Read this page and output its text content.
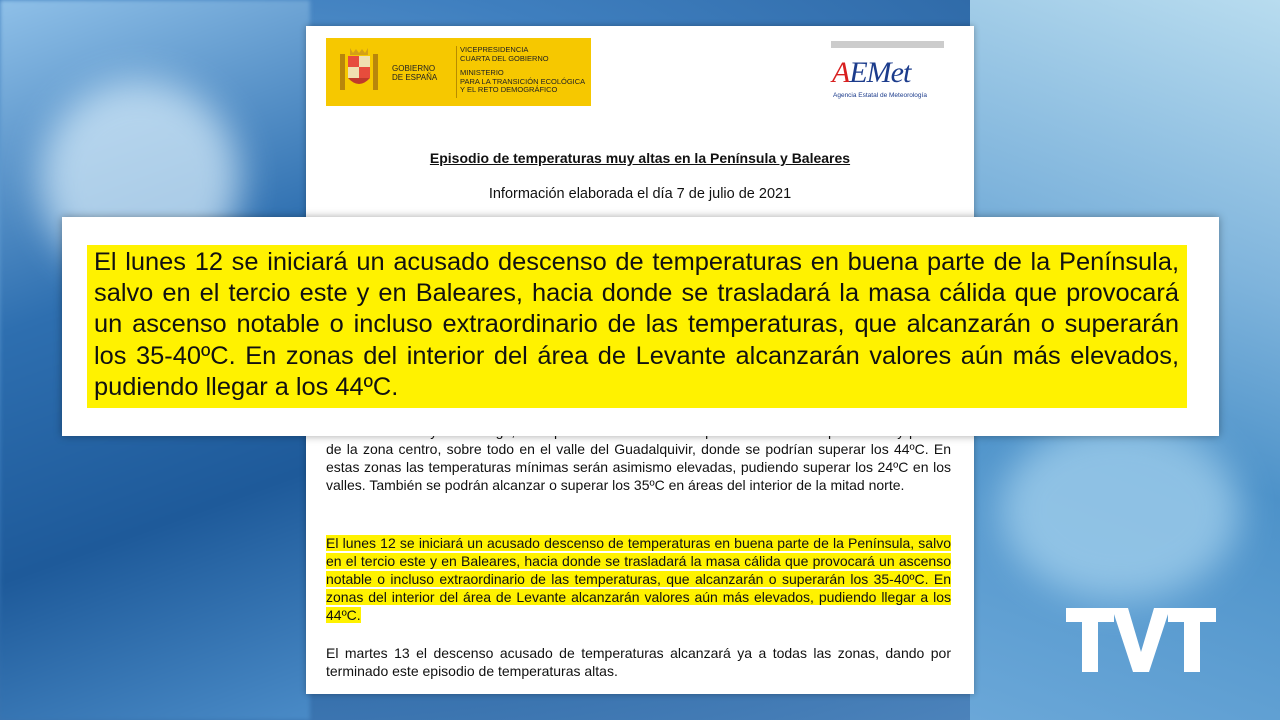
GOBIERNO
DE ESPAÑA
VICEPRESIDENCIA
CUARTA DEL GOBIERNO
MINISTERIO
PARA LA TRANSICIÓN ECOLÓGICA
Y EL RETO DEMOGRÁFICO
AEMet
Agencia Estatal de Meteorología
Episodio de temperaturas muy altas en la Península y Baleares
Información elaborada el día 7 de julio de 2021
de la zona centro, sobre todo en el valle del Guadalquivir, donde se podrían superar los 44ºC. En estas zonas las temperaturas mínimas serán asimismo elevadas, pudiendo superar los 24ºC en los valles. También se podrán alcanzar o superar los 35ºC en áreas del interior de la mitad norte.
El lunes 12 se iniciará un acusado descenso de temperaturas en buena parte de la Península, salvo en el tercio este y en Baleares, hacia donde se trasladará la masa cálida que provocará un ascenso notable o incluso extraordinario de las temperaturas, que alcanzarán o superarán los 35-40ºC. En zonas del interior del área de Levante alcanzarán valores aún más elevados, pudiendo llegar a los 44ºC.
El martes 13 el descenso acusado de temperaturas alcanzará ya a todas las zonas, dando por terminado este episodio de temperaturas altas.
El lunes 12 se iniciará un acusado descenso de temperaturas en buena parte de la Península, salvo en el tercio este y en Baleares, hacia donde se trasladará la masa cálida que provocará un ascenso notable o incluso extraordinario de las temperaturas, que alcanzarán o superarán los 35-40ºC. En zonas del interior del área de Levante alcanzarán valores aún más elevados, pudiendo llegar a los 44ºC.
